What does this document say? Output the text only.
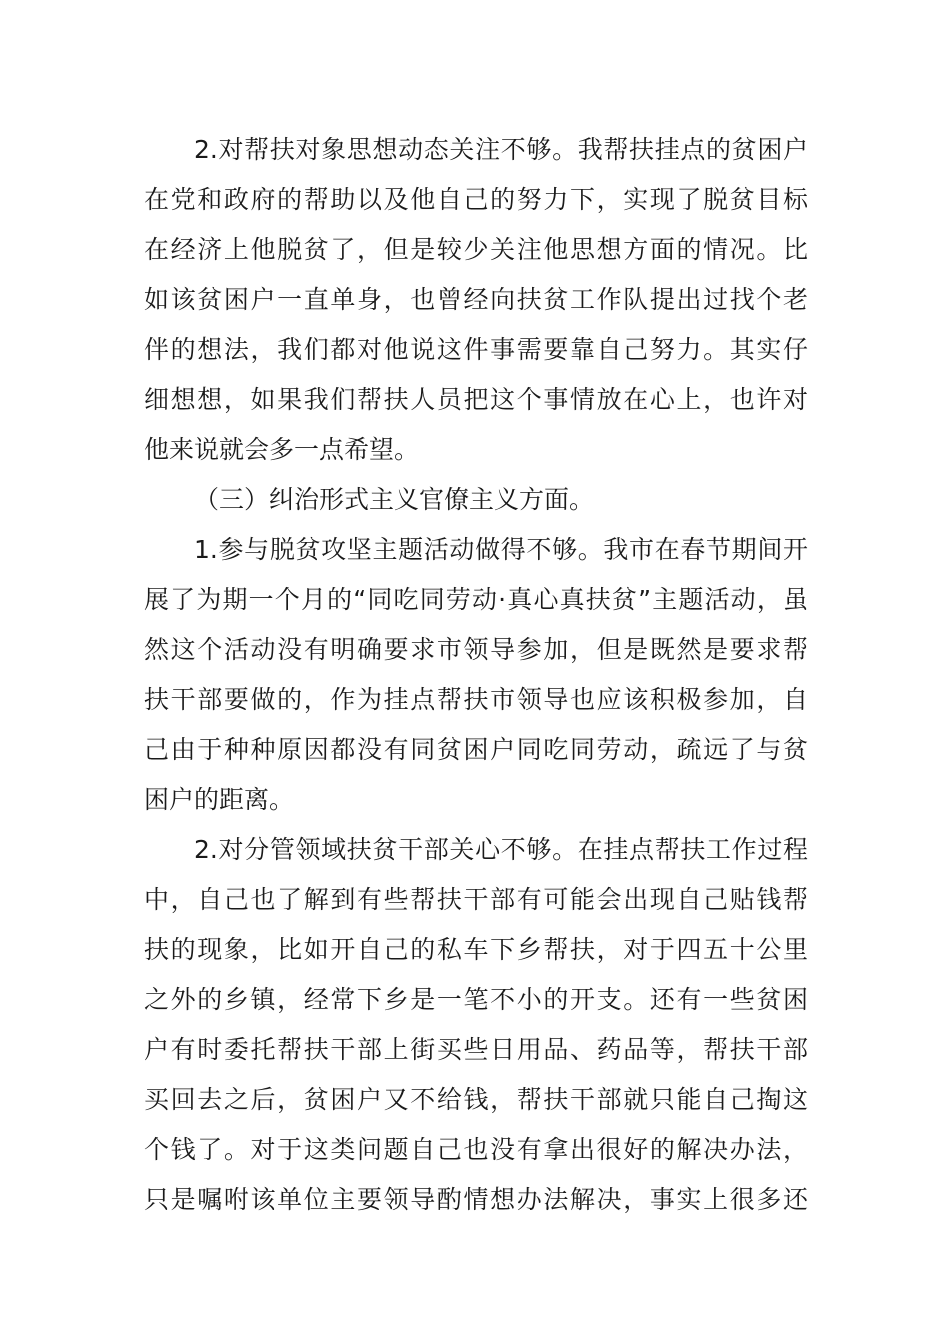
2.对帮扶对象思想动态关注不够。我帮扶挂点的贫困户
在党和政府的帮助以及他自己的努力下，实现了脱贫目标
在经济上他脱贫了，但是较少关注他思想方面的情况。比
如该贫困户一直单身，也曾经向扶贫工作队提出过找个老
伴的想法，我们都对他说这件事需要靠自己努力。其实仔
细想想，如果我们帮扶人员把这个事情放在心上，也许对
他来说就会多一点希望。
（三）纠治形式主义官僚主义方面。
1.参与脱贫攻坚主题活动做得不够。我市在春节期间开
展了为期一个月的“同吃同劳动·真心真扶贫”主题活动，虽
然这个活动没有明确要求市领导参加，但是既然是要求帮
扶干部要做的，作为挂点帮扶市领导也应该积极参加，自
己由于种种原因都没有同贫困户同吃同劳动，疏远了与贫
困户的距离。
2.对分管领域扶贫干部关心不够。在挂点帮扶工作过程
中，自己也了解到有些帮扶干部有可能会出现自己贴钱帮
扶的现象，比如开自己的私车下乡帮扶，对于四五十公里
之外的乡镇，经常下乡是一笔不小的开支。还有一些贫困
户有时委托帮扶干部上街买些日用品、药品等，帮扶干部
买回去之后，贫困户又不给钱，帮扶干部就只能自己掏这
个钱了。对于这类问题自己也没有拿出很好的解决办法，
只是嘱咐该单位主要领导酌情想办法解决，事实上很多还
